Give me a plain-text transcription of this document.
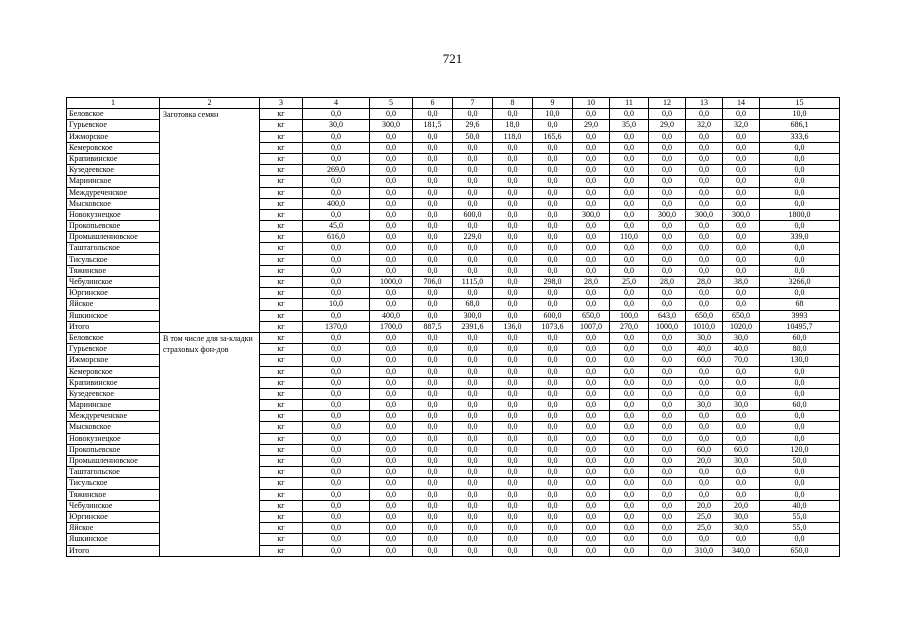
721
1	2	3	4	5	6	7	8	9	10	11	12	13	14	15
Беловское	Заготовка семян	кг	0,0	0,0	0,0	0,0	0,0	10,0	0,0	0,0	0,0	0,0	0,0	10,0
Гурьевское		кг	30,0	300,0	181,5	29,6	18,0	0,0	29,0	35,0	29,0	32,0	32,0	686,1
Ижморское		кг	0,0	0,0	0,0	50,0	118,0	165,6	0,0	0,0	0,0	0,0	0,0	333,6
Кемеровское		кг	0,0	0,0	0,0	0,0	0,0	0,0	0,0	0,0	0,0	0,0	0,0	0,0
Крапивинское		кг	0,0	0,0	0,0	0,0	0,0	0,0	0,0	0,0	0,0	0,0	0,0	0,0
Кузедеевское		кг	269,0	0,0	0,0	0,0	0,0	0,0	0,0	0,0	0,0	0,0	0,0	0,0
Мариинское		кг	0,0	0,0	0,0	0,0	0,0	0,0	0,0	0,0	0,0	0,0	0,0	0,0
Междуреченское		кг	0,0	0,0	0,0	0,0	0,0	0,0	0,0	0,0	0,0	0,0	0,0	0,0
Мысковское		кг	400,0	0,0	0,0	0,0	0,0	0,0	0,0	0,0	0,0	0,0	0,0	0,0
Новокузнецкое		кг	0,0	0,0	0,0	600,0	0,0	0,0	300,0	0,0	300,0	300,0	300,0	1800,0
Прокопьевское		кг	45,0	0,0	0,0	0,0	0,0	0,0	0,0	0,0	0,0	0,0	0,0	0,0
Промышленновское		кг	616,0	0,0	0,0	229,0	0,0	0,0	0,0	110,0	0,0	0,0	0,0	339,0
Таштагольское		кг	0,0	0,0	0,0	0,0	0,0	0,0	0,0	0,0	0,0	0,0	0,0	0,0
Тисульское		кг	0,0	0,0	0,0	0,0	0,0	0,0	0,0	0,0	0,0	0,0	0,0	0,0
Тяжинское		кг	0,0	0,0	0,0	0,0	0,0	0,0	0,0	0,0	0,0	0,0	0,0	0,0
Чебулинское		кг	0,0	1000,0	706,0	1115,0	0,0	298,0	28,0	25,0	28,0	28,0	38,0	3266,0
Юргинское		кг	0,0	0,0	0,0	0,0	0,0	0,0	0,0	0,0	0,0	0,0	0,0	0,0
Яйское		кг	10,0	0,0	0,0	68,0	0,0	0,0	0,0	0,0	0,0	0,0	0,0	68
Яшкинское		кг	0,0	400,0	0,0	300,0	0,0	600,0	650,0	100,0	643,0	650,0	650,0	3993
Итого		кг	1370,0	1700,0	887,5	2391,6	136,0	1073,6	1007,0	270,0	1000,0	1010,0	1020,0	10495,7
Беловское	В том числе для за-кладки страховых фон-дов	кг	0,0	0,0	0,0	0,0	0,0	0,0	0,0	0,0	0,0	30,0	30,0	60,0
Гурьевское		кг	0,0	0,0	0,0	0,0	0,0	0,0	0,0	0,0	0,0	40,0	40,0	80,0
Ижморское		кг	0,0	0,0	0,0	0,0	0,0	0,0	0,0	0,0	0,0	60,0	70,0	130,0
Кемеровское		кг	0,0	0,0	0,0	0,0	0,0	0,0	0,0	0,0	0,0	0,0	0,0	0,0
Крапивинское		кг	0,0	0,0	0,0	0,0	0,0	0,0	0,0	0,0	0,0	0,0	0,0	0,0
Кузедеевское		кг	0,0	0,0	0,0	0,0	0,0	0,0	0,0	0,0	0,0	0,0	0,0	0,0
Мариинское		кг	0,0	0,0	0,0	0,0	0,0	0,0	0,0	0,0	0,0	30,0	30,0	60,0
Междуреченское		кг	0,0	0,0	0,0	0,0	0,0	0,0	0,0	0,0	0,0	0,0	0,0	0,0
Мысковское		кг	0,0	0,0	0,0	0,0	0,0	0,0	0,0	0,0	0,0	0,0	0,0	0,0
Новокузнецкое		кг	0,0	0,0	0,0	0,0	0,0	0,0	0,0	0,0	0,0	0,0	0,0	0,0
Прокопьевское		кг	0,0	0,0	0,0	0,0	0,0	0,0	0,0	0,0	0,0	60,0	60,0	120,0
Промышленновское		кг	0,0	0,0	0,0	0,0	0,0	0,0	0,0	0,0	0,0	20,0	30,0	50,0
Таштагольское		кг	0,0	0,0	0,0	0,0	0,0	0,0	0,0	0,0	0,0	0,0	0,0	0,0
Тисульское		кг	0,0	0,0	0,0	0,0	0,0	0,0	0,0	0,0	0,0	0,0	0,0	0,0
Тяжинское		кг	0,0	0,0	0,0	0,0	0,0	0,0	0,0	0,0	0,0	0,0	0,0	0,0
Чебулинское		кг	0,0	0,0	0,0	0,0	0,0	0,0	0,0	0,0	0,0	20,0	20,0	40,0
Юргинское		кг	0,0	0,0	0,0	0,0	0,0	0,0	0,0	0,0	0,0	25,0	30,0	55,0
Яйское		кг	0,0	0,0	0,0	0,0	0,0	0,0	0,0	0,0	0,0	25,0	30,0	55,0
Яшкинское		кг	0,0	0,0	0,0	0,0	0,0	0,0	0,0	0,0	0,0	0,0	0,0	0,0
Итого		кг	0,0	0,0	0,0	0,0	0,0	0,0	0,0	0,0	0,0	310,0	340,0	650,0
